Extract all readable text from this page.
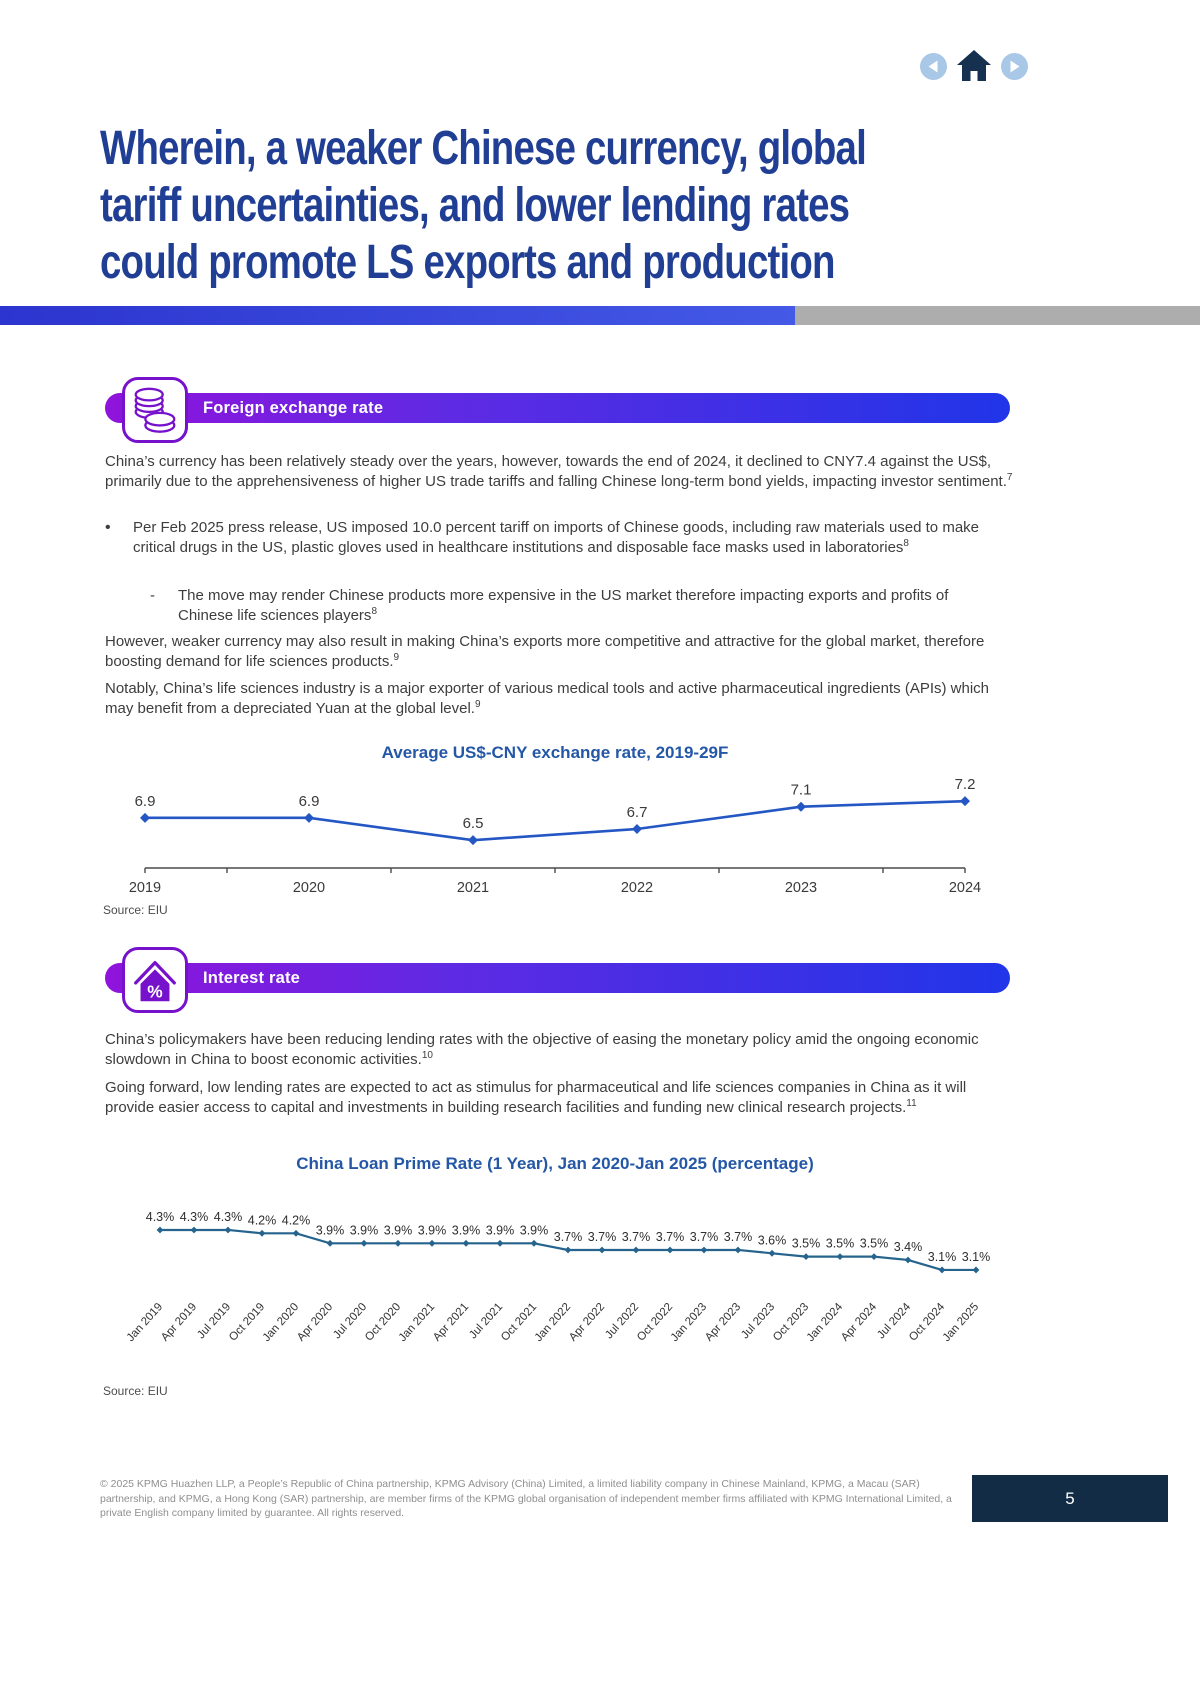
Wherein, a weaker Chinese currency, global
tariff uncertainties, and lower lending rates
could promote LS exports and production
Foreign exchange rate

China’s currency has been relatively steady over the years, however, towards the end of 2024, it declined to CNY7.4 against the US$, primarily due to the apprehensiveness of higher US trade tariffs and falling Chinese long-term bond yields, impacting investor sentiment.$^7$

•

Per Feb 2025 press release, US imposed 10.0 percent tariff on imports of Chinese goods, including raw materials used to make critical drugs in the US, plastic gloves used in healthcare institutions and disposable face masks used in laboratories$^8$

-

The move may render Chinese products more expensive in the US market therefore impacting exports and profits of Chinese life sciences players$^8$

However, weaker currency may also result in making China’s exports more competitive and attractive for the global market, therefore boosting demand for life sciences products.$^9$

Notably, China’s life sciences industry is a major exporter of various medical tools and active pharmaceutical ingredients (APIs) which may benefit from a depreciated Yuan at the global level.$^9$

Average US$-CNY exchange rate, 2019-29F
6.9
2019
6.9
2020
6.5
2021
6.7
2022
7.1
2023
7.2
2024
Source: EIU
Interest rate
%

China’s policymakers have been reducing lending rates with the objective of easing the monetary policy amid the ongoing economic slowdown in China to boost economic activities.$^{10}$

Going forward, low lending rates are expected to act as stimulus for pharmaceutical and life sciences companies in China as it will provide easier access to capital and investments in building research facilities and funding new clinical research projects.$^{11}$

China Loan Prime Rate (1 Year), Jan 2020-Jan 2025 (percentage)
4.3%
Jan 2019
4.3%
Apr 2019
4.3%
Jul 2019
4.2%
Oct 2019
4.2%
Jan 2020
3.9%
Apr 2020
3.9%
Jul 2020
3.9%
Oct 2020
3.9%
Jan 2021
3.9%
Apr 2021
3.9%
Jul 2021
3.9%
Oct 2021
3.7%
Jan 2022
3.7%
Apr 2022
3.7%
Jul 2022
3.7%
Oct 2022
3.7%
Jan 2023
3.7%
Apr 2023
3.6%
Jul 2023
3.5%
Oct 2023
3.5%
Jan 2024
3.5%
Apr 2024
3.4%
Jul 2024
3.1%
Oct 2024
3.1%
Jan 2025
Source: EIU
© 2025 KPMG Huazhen LLP, a People’s Republic of China partnership, KPMG Advisory (China) Limited, a limited liability company in Chinese Mainland, KPMG, a Macau (SAR) partnership, and KPMG, a Hong Kong (SAR) partnership, are member firms of the KPMG global organisation of independent member firms affiliated with KPMG International Limited, a private English company limited by guarantee. All rights reserved.
5
